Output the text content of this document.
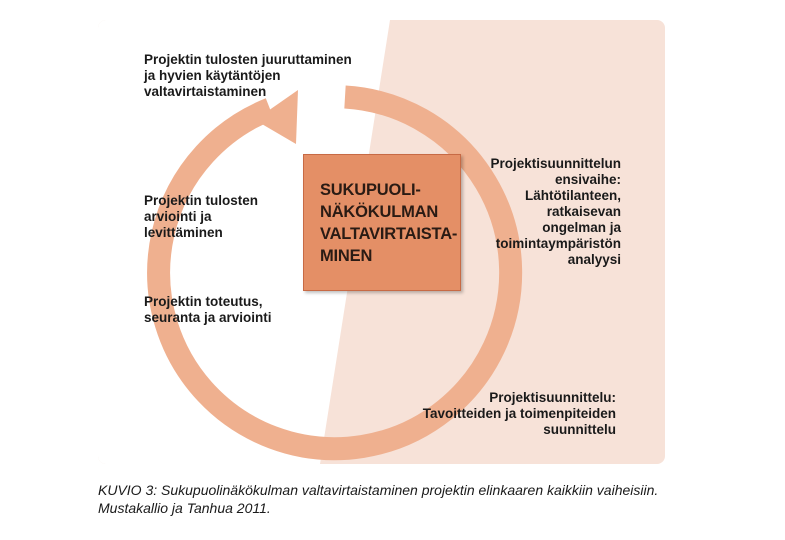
Projektin tulosten juuruttaminen
ja hyvien käytäntöjen
valtavirtaistaminen
Projektin tulosten
arviointi ja
levittäminen
Projektin toteutus,
seuranta ja arviointi
Projektisuunnittelun
ensivaihe:
Lähtötilanteen,
ratkaisevan
ongelman ja
toimintaympäristön
analyysi
Projektisuunnittelu:
Tavoitteiden ja toimenpiteiden
suunnittelu
SUKUPUOLI-
NÄKÖKULMAN
VALTAVIRTAISTA-
MINEN
KUVIO 3: Sukupuolinäkökulman valtavirtaistaminen projektin elinkaaren kaikkiin vaiheisiin. Mustakallio ja Tanhua 2011.
